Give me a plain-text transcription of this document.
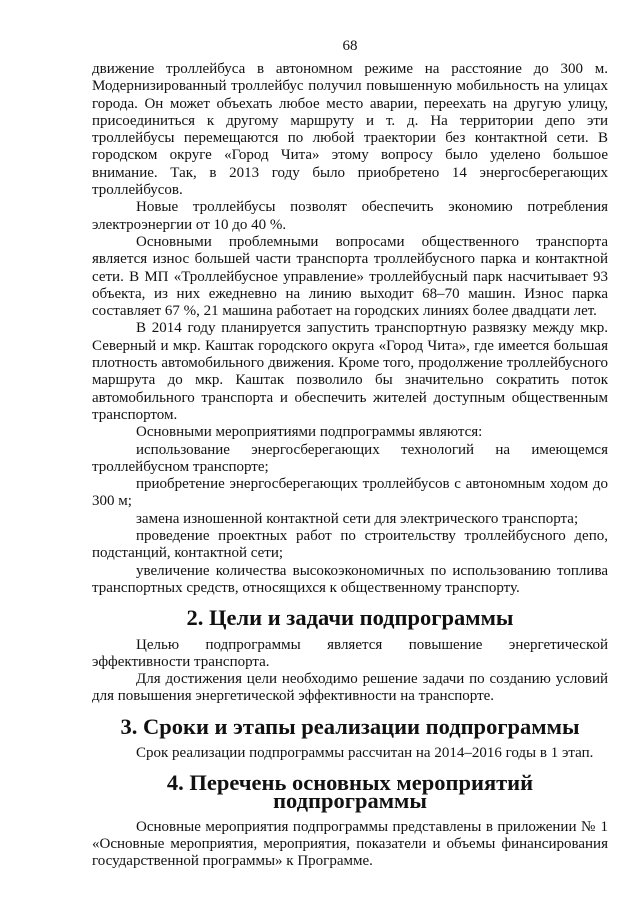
68

движение троллейбуса в автономном режиме на расстояние до 300 м. Модернизированный троллейбус получил повышенную мобильность на улицах города. Он может объехать любое место аварии, переехать на другую улицу, присоединиться к другому маршруту и т. д. На территории депо эти троллейбусы перемещаются по любой траектории без контактной сети. В городском округе «Город Чита» этому вопросу было уделено большое внимание. Так, в 2013 году было приобретено 14 энергосберегающих троллейбусов.

Новые троллейбусы позволят обеспечить экономию потребления электроэнергии от 10 до 40 %.

Основными проблемными вопросами общественного транспорта является износ большей части транспорта троллейбусного парка и контактной сети. В МП «Троллейбусное управление» троллейбусный парк насчитывает 93 объекта, из них ежедневно на линию выходит 68–70 машин. Износ парка составляет 67 %, 21 машина работает на городских линиях более двадцати лет.

В 2014 году планируется запустить транспортную развязку между мкр. Северный и мкр. Каштак городского округа «Город Чита», где имеется большая плотность автомобильного движения. Кроме того, продолжение троллейбусного маршрута до мкр. Каштак позволило бы значительно сократить поток автомобильного транспорта и обеспечить жителей доступным общественным транспортом.

Основными мероприятиями подпрограммы являются:

использование энергосберегающих технологий на имеющемся троллейбусном транспорте;

приобретение энергосберегающих троллейбусов с автономным ходом до 300 м;

замена изношенной контактной сети для электрического транспорта;

проведение проектных работ по строительству троллейбусного депо, подстанций, контактной сети;

увеличение количества высокоэкономичных по использованию топлива транспортных средств, относящихся к общественному транспорту.

2. Цели и задачи подпрограммы

Целью подпрограммы является повышение энергетической эффективности транспорта.

Для достижения цели необходимо решение задачи по созданию условий для повышения энергетической эффективности на транспорте.

3. Сроки и этапы реализации подпрограммы

Срок реализации подпрограммы рассчитан на 2014–2016 годы в 1 этап.

4. Перечень основных мероприятий подпрограммы

Основные мероприятия подпрограммы представлены в приложении № 1 «Основные мероприятия, мероприятия, показатели и объемы финансирования государственной программы» к Программе.
